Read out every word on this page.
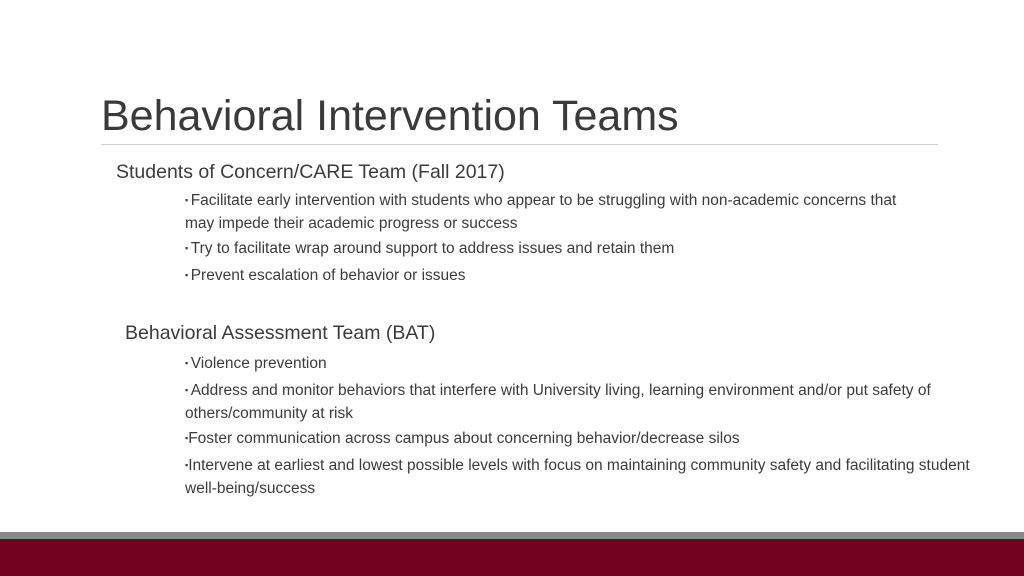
Behavioral Intervention Teams
Students of Concern/CARE Team (Fall 2017)
▪ Facilitate early intervention with students who appear to be struggling with non-academic concerns that may impede their academic progress or success
▪ Try to facilitate wrap around support to address issues and retain them
▪ Prevent escalation of behavior or issues
Behavioral Assessment Team (BAT)
▪ Violence prevention
▪ Address and monitor behaviors that interfere with University living, learning environment and/or put safety of others/community at risk
▪Foster communication across campus about concerning behavior/decrease silos
▪Intervene at earliest and lowest possible levels with focus on maintaining community safety and facilitating student well-being/success
